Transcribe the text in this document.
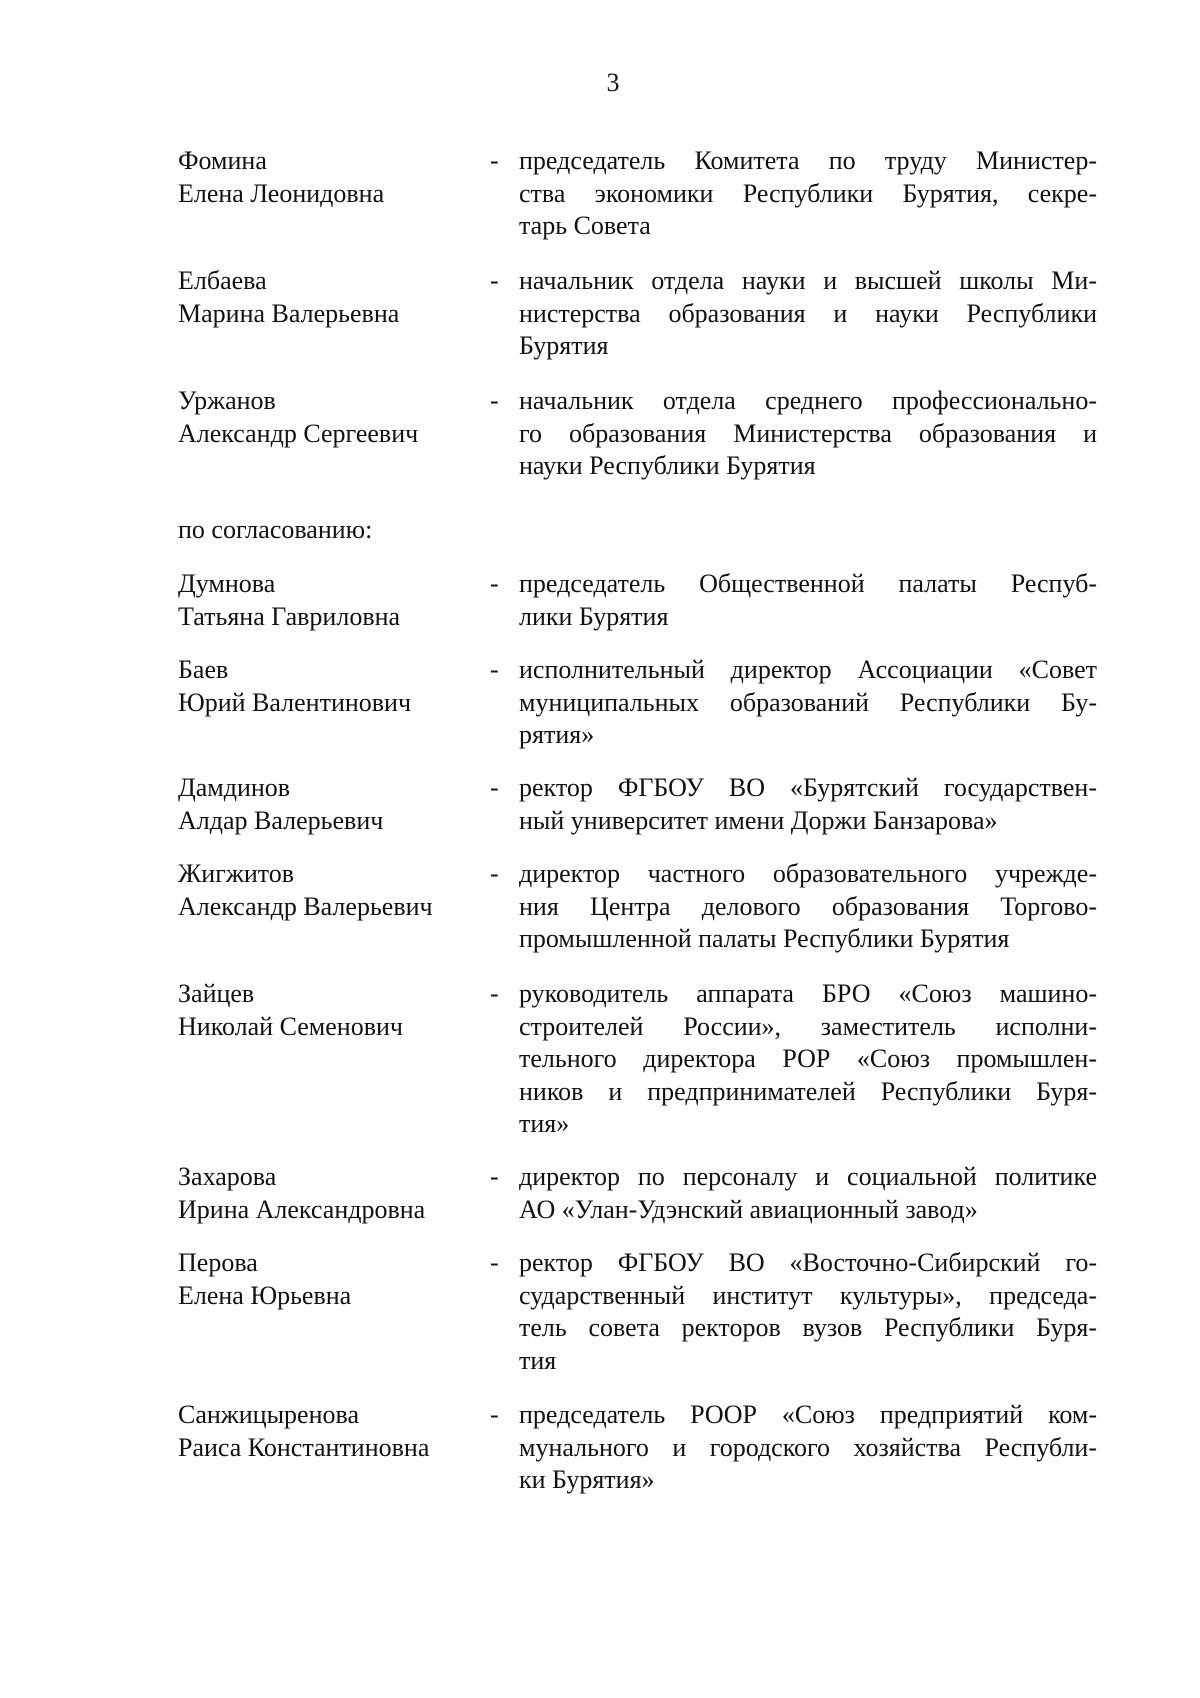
3
Фомина
Елена Леонидовна
- председатель Комитета по труду Министер-
ства экономики Республики Бурятия, секре-
тарь Совета
Елбаева
Марина Валерьевна
- начальник отдела науки и высшей школы Ми-
нистерства образования и науки Республики
Бурятия
Уржанов
Александр Сергеевич
- начальник отдела среднего профессионально-
го образования Министерства образования и
науки Республики Бурятия
по согласованию:
Думнова
Татьяна Гавриловна
- председатель Общественной палаты Респуб-
лики Бурятия
Баев
Юрий Валентинович
- исполнительный директор Ассоциации «Совет
муниципальных образований Республики Бу-
рятия»
Дамдинов
Алдар Валерьевич
- ректор ФГБОУ ВО «Бурятский государствен-
ный университет имени Доржи Банзарова»
Жигжитов
Александр Валерьевич
- директор частного образовательного учрежде-
ния Центра делового образования Торгово-
промышленной палаты Республики Бурятия
Зайцев
Николай Семенович
- руководитель аппарата БРО «Союз машино-
строителей России», заместитель исполни-
тельного директора РОР «Союз промышлен-
ников и предпринимателей Республики Буря-
тия»
Захарова
Ирина Александровна
- директор по персоналу и социальной политике
АО «Улан-Удэнский авиационный завод»
Перова
Елена Юрьевна
- ректор ФГБОУ ВО «Восточно-Сибирский го-
сударственный институт культуры», председа-
тель совета ректоров вузов Республики Буря-
тия
Санжицыренова
Раиса Константиновна
- председатель РООР «Союз предприятий ком-
мунального и городского хозяйства Республи-
ки Бурятия»
